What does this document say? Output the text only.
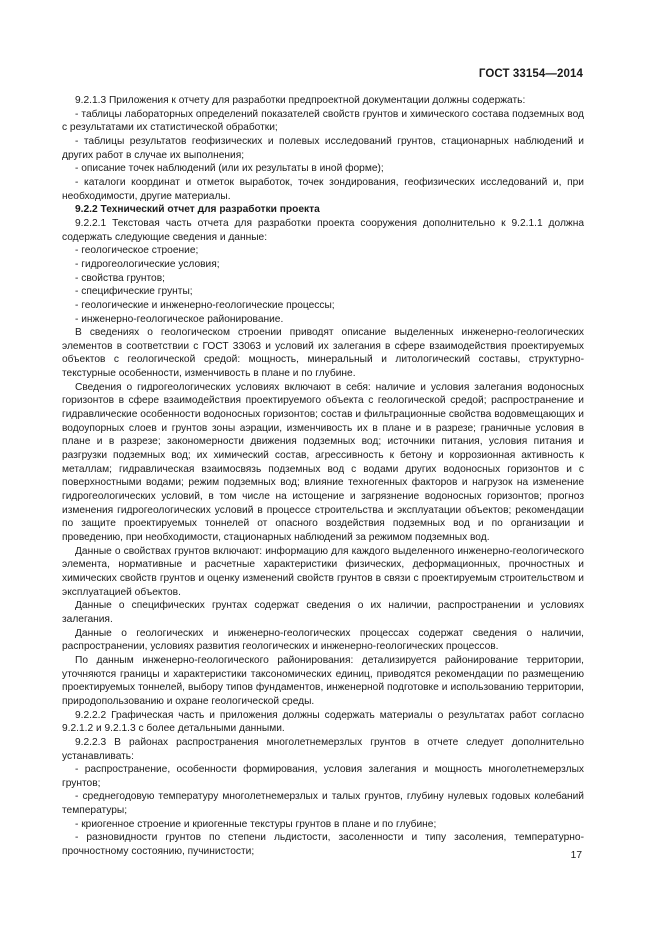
ГОСТ 33154—2014

9.2.1.3 Приложения к отчету для разработки предпроектной документации должны содержать:

- таблицы лабораторных определений показателей свойств грунтов и химического состава подземных вод с результатами их статистической обработки;

- таблицы результатов геофизических и полевых исследований грунтов, стационарных наблюдений и других работ в случае их выполнения;

- описание точек наблюдений (или их результаты в иной форме);

- каталоги координат и отметок выработок, точек зондирования, геофизических исследований и, при необходимости, другие материалы.

9.2.2 Технический отчет для разработки проекта

9.2.2.1 Текстовая часть отчета для разработки проекта сооружения дополнительно к 9.2.1.1 должна содержать следующие сведения и данные:

- геологическое строение;

- гидрогеологические условия;

- свойства грунтов;

- специфические грунты;

- геологические и инженерно-геологические процессы;

- инженерно-геологическое районирование.

В сведениях о геологическом строении приводят описание выделенных инженерно-геологических элементов в соответствии с ГОСТ 33063 и условий их залегания в сфере взаимодействия проектируемых объектов с геологической средой: мощность, минеральный и литологический составы, структурно-текстурные особенности, изменчивость в плане и по глубине.

Сведения о гидрогеологических условиях включают в себя: наличие и условия залегания водоносных горизонтов в сфере взаимодействия проектируемого объекта с геологической средой; распространение и гидравлические особенности водоносных горизонтов; состав и фильтрационные свойства водовмещающих и водоупорных слоев и грунтов зоны аэрации, изменчивость их в плане и в разрезе; граничные условия в плане и в разрезе; закономерности движения подземных вод; источники питания, условия питания и разгрузки подземных вод; их химический состав, агрессивность к бетону и коррозионная активность к металлам; гидравлическая взаимосвязь подземных вод с водами других водоносных горизонтов и с поверхностными водами; режим подземных вод; влияние техногенных факторов и нагрузок на изменение гидрогеологических условий, в том числе на истощение и загрязнение водоносных горизонтов; прогноз изменения гидрогеологических условий в процессе строительства и эксплуатации объектов; рекомендации по защите проектируемых тоннелей от опасного воздействия подземных вод и по организации и проведению, при необходимости, стационарных наблюдений за режимом подземных вод.

Данные о свойствах грунтов включают: информацию для каждого выделенного инженерно-геологического элемента, нормативные и расчетные характеристики физических, деформационных, прочностных и химических свойств грунтов и оценку изменений свойств грунтов в связи с проектируемым строительством и эксплуатацией объектов.

Данные о специфических грунтах содержат сведения о их наличии, распространении и условиях залегания.

Данные о геологических и инженерно-геологических процессах содержат сведения о наличии, распространении, условиях развития геологических и инженерно-геологических процессов.

По данным инженерно-геологического районирования: детализируется районирование территории, уточняются границы и характеристики таксономических единиц, приводятся рекомендации по размещению проектируемых тоннелей, выбору типов фундаментов, инженерной подготовке и использованию территории, природопользованию и охране геологической среды.

9.2.2.2 Графическая часть и приложения должны содержать материалы о результатах работ согласно 9.2.1.2 и 9.2.1.3 с более детальными данными.

9.2.2.3 В районах распространения многолетнемерзлых грунтов в отчете следует дополнительно устанавливать:

- распространение, особенности формирования, условия залегания и мощность многолетнемерзлых грунтов;

- среднегодовую температуру многолетнемерзлых и талых грунтов, глубину нулевых годовых колебаний температуры;

- криогенное строение и криогенные текстуры грунтов в плане и по глубине;

- разновидности грунтов по степени льдистости, засоленности и типу засоления, температурно-прочностному состоянию, пучинистости;	17
